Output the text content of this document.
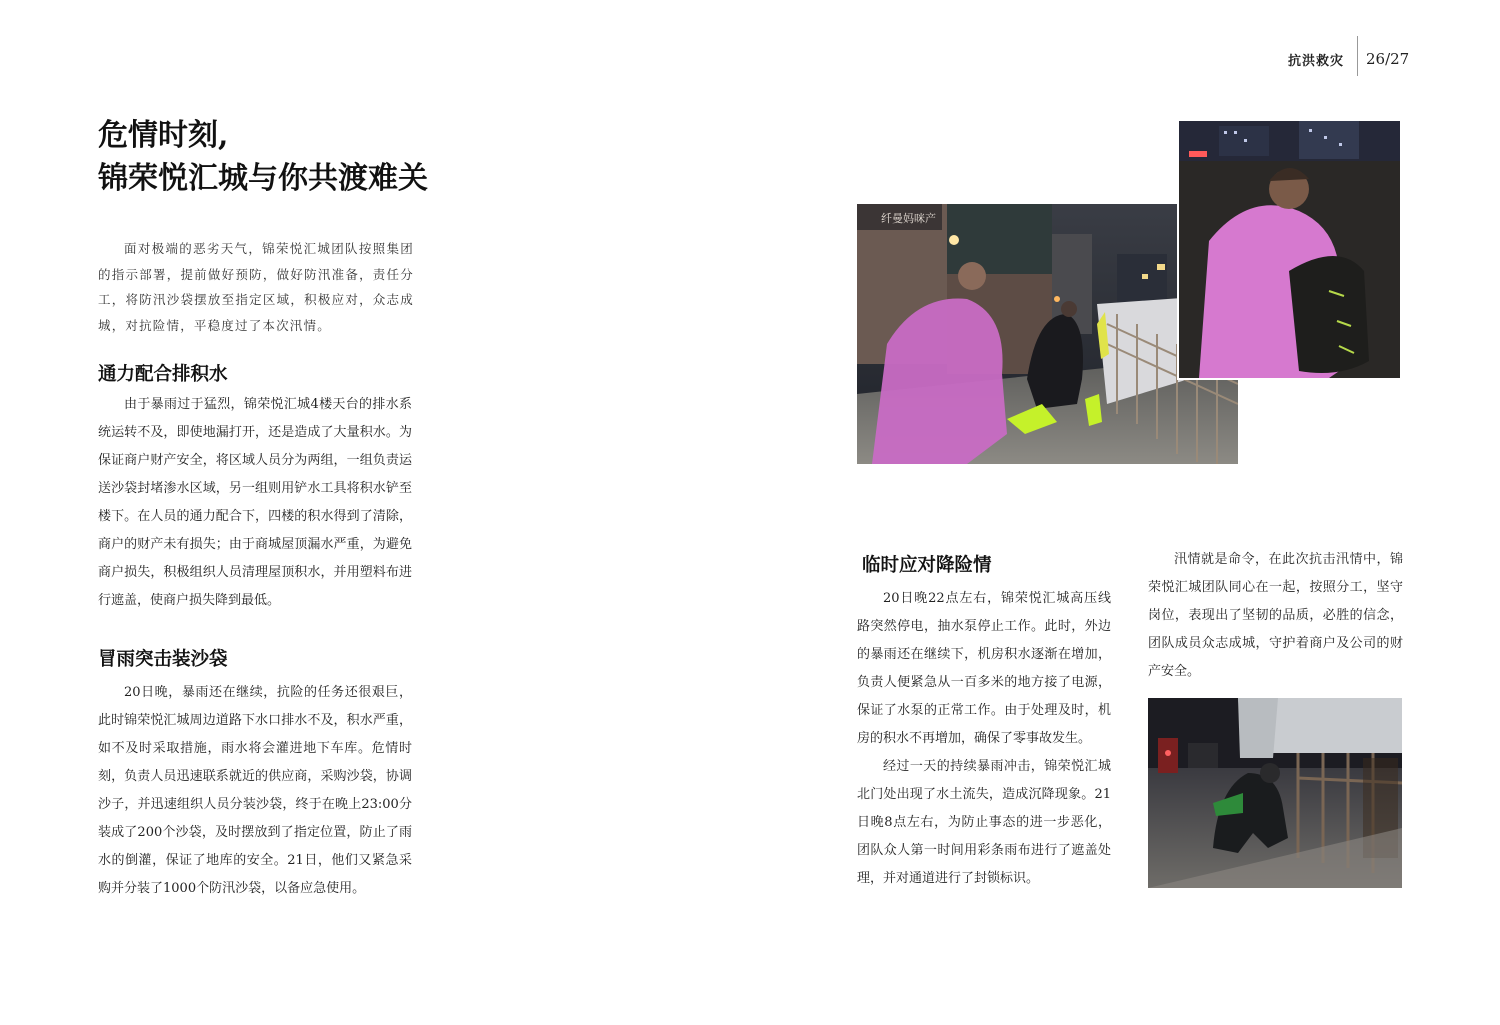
抗洪救灾 26/27
危情时刻,
锦荣悦汇城与你共渡难关
面对极端的恶劣天气，锦荣悦汇城团队按照集团的指示部署，提前做好预防，做好防汛准备，责任分工，将防汛沙袋摆放至指定区域，积极应对，众志成城，对抗险情，平稳度过了本次汛情。
通力配合排积水

由于暴雨过于猛烈，锦荣悦汇城4楼天台的排水系统运转不及，即使地漏打开，还是造成了大量积水。为保证商户财产安全，将区域人员分为两组，一组负责运送沙袋封堵渗水区域，另一组则用铲水工具将积水铲至楼下。在人员的通力配合下，四楼的积水得到了清除，商户的财产未有损失；由于商城屋顶漏水严重，为避免商户损失，积极组织人员清理屋顶积水，并用塑料布进行遮盖，使商户损失降到最低。

冒雨突击装沙袋

20日晚，暴雨还在继续，抗险的任务还很艰巨，此时锦荣悦汇城周边道路下水口排水不及，积水严重，如不及时采取措施，雨水将会灌进地下车库。危情时刻，负责人员迅速联系就近的供应商，采购沙袋，协调沙子，并迅速组织人员分装沙袋，终于在晚上23:00分装成了200个沙袋，及时摆放到了指定位置，防止了雨水的倒灌，保证了地库的安全。21日，他们又紧急采购并分装了1000个防汛沙袋，以备应急使用。

临时应对降险情

20日晚22点左右，锦荣悦汇城高压线路突然停电，抽水泵停止工作。此时，外边的暴雨还在继续下，机房积水逐渐在增加，负责人便紧急从一百多米的地方接了电源，保证了水泵的正常工作。由于处理及时，机房的积水不再增加，确保了零事故发生。

经过一天的持续暴雨冲击，锦荣悦汇城北门处出现了水土流失，造成沉降现象。21日晚8点左右，为防止事态的进一步恶化，团队众人第一时间用彩条雨布进行了遮盖处理，并对通道进行了封锁标识。

汛情就是命令，在此次抗击汛情中，锦荣悦汇城团队同心在一起，按照分工，坚守岗位，表现出了坚韧的品质，必胜的信念，团队成员众志成城，守护着商户及公司的财产安全。

纤曼妈咪产
